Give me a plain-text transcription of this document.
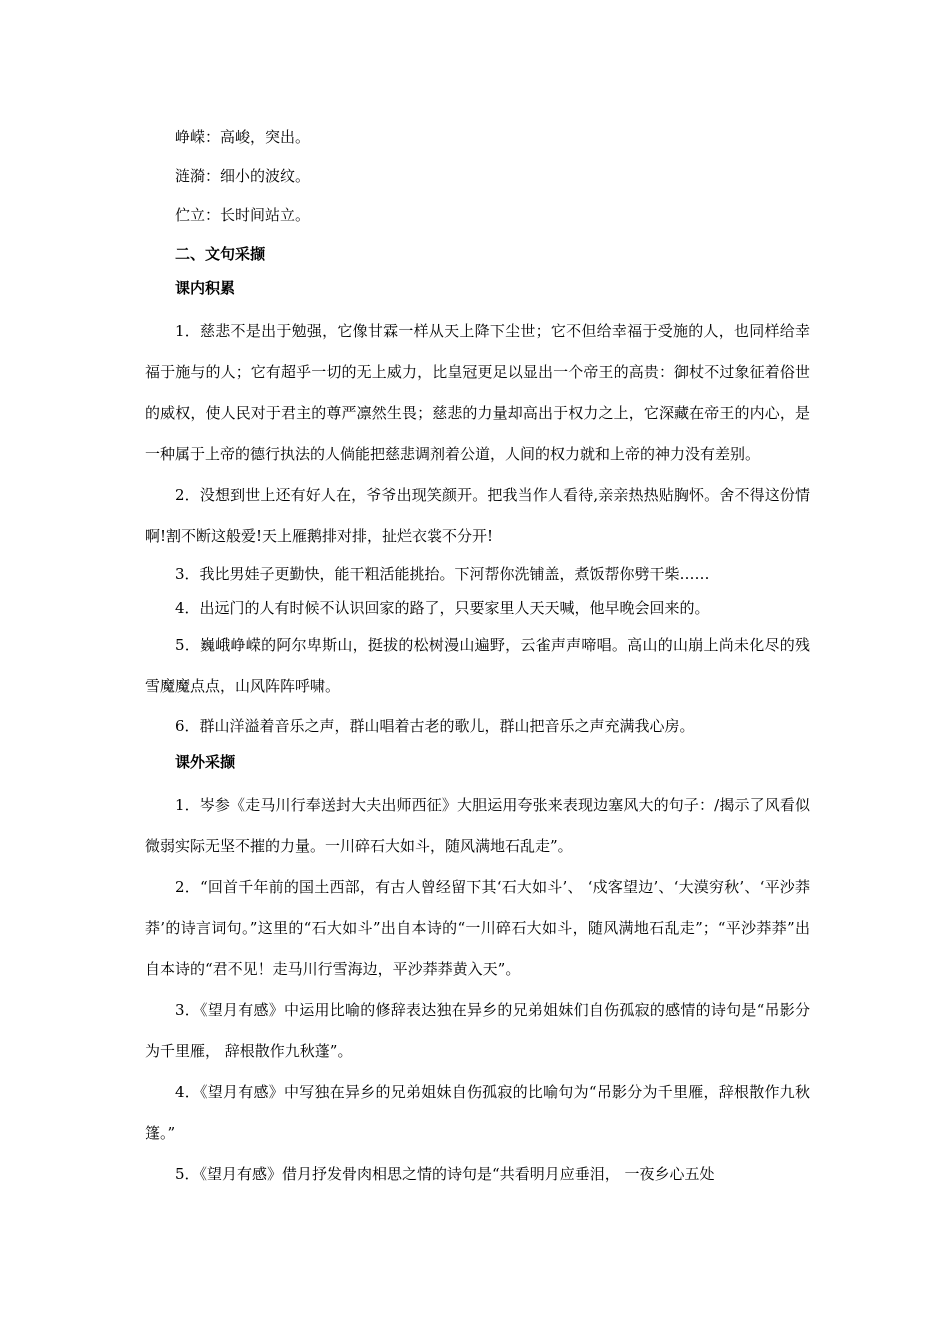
峥嵘：高峻，突出。

涟漪：细小的波纹。

伫立：长时间站立。

二、文句采撷

课内积累

1．慈悲不是出于勉强，它像甘霖一样从天上降下尘世；它不但给幸福于受施的人，也同样给幸福于施与的人；它有超乎一切的无上威力，比皇冠更足以显出一个帝王的高贵：御杖不过象征着俗世的威权，使人民对于君主的尊严凛然生畏；慈悲的力量却高出于权力之上，它深藏在帝王的内心，是一种属于上帝的德行执法的人倘能把慈悲调剂着公道，人间的权力就和上帝的神力没有差别。

2．没想到世上还有好人在，爷爷出现笑颜开。把我当作人看待,亲亲热热贴胸怀。舍不得这份情啊!割不断这般爱!天上雁鹅排对排，扯烂衣裳不分开!

3．我比男娃子更勤快，能干粗活能挑抬。下河帮你洗铺盖，煮饭帮你劈干柴……

4．出远门的人有时候不认识回家的路了，只要家里人天天喊，他早晚会回来的。

5．巍峨峥嵘的阿尔卑斯山，挺拔的松树漫山遍野，云雀声声啼唱。高山的山崩上尚未化尽的残雪魔魔点点，山风阵阵呼啸。

6．群山洋溢着音乐之声，群山唱着古老的歌儿，群山把音乐之声充满我心房。

课外采撷

1．岑参《走马川行奉送封大夫出师西征》大胆运用夸张来表现边塞风大的句子：/揭示了风看似微弱实际无坚不摧的力量。一川碎石大如斗，随风满地石乱走”。

2．“回首千年前的国土西部，有古人曾经留下其‘石大如斗’、 ‘戍客望边’、‘大漠穷秋’、‘平沙莽莽’的诗言词句。”这里的“石大如斗”出自本诗的“一川碎石大如斗，随风满地石乱走”；“平沙莽莽”出自本诗的“君不见！走马川行雪海边，平沙莽莽黄入天”。

3．《望月有感》中运用比喻的修辞表达独在异乡的兄弟姐妹们自伤孤寂的感情的诗句是“吊影分为千里雁， 辞根散作九秋蓬”。

4．《望月有感》中写独在异乡的兄弟姐妹自伤孤寂的比喻句为“吊影分为千里雁，辞根散作九秋篷。”

5．《望月有感》借月抒发骨肉相思之情的诗句是“共看明月应垂泪， 一夜乡心五处
